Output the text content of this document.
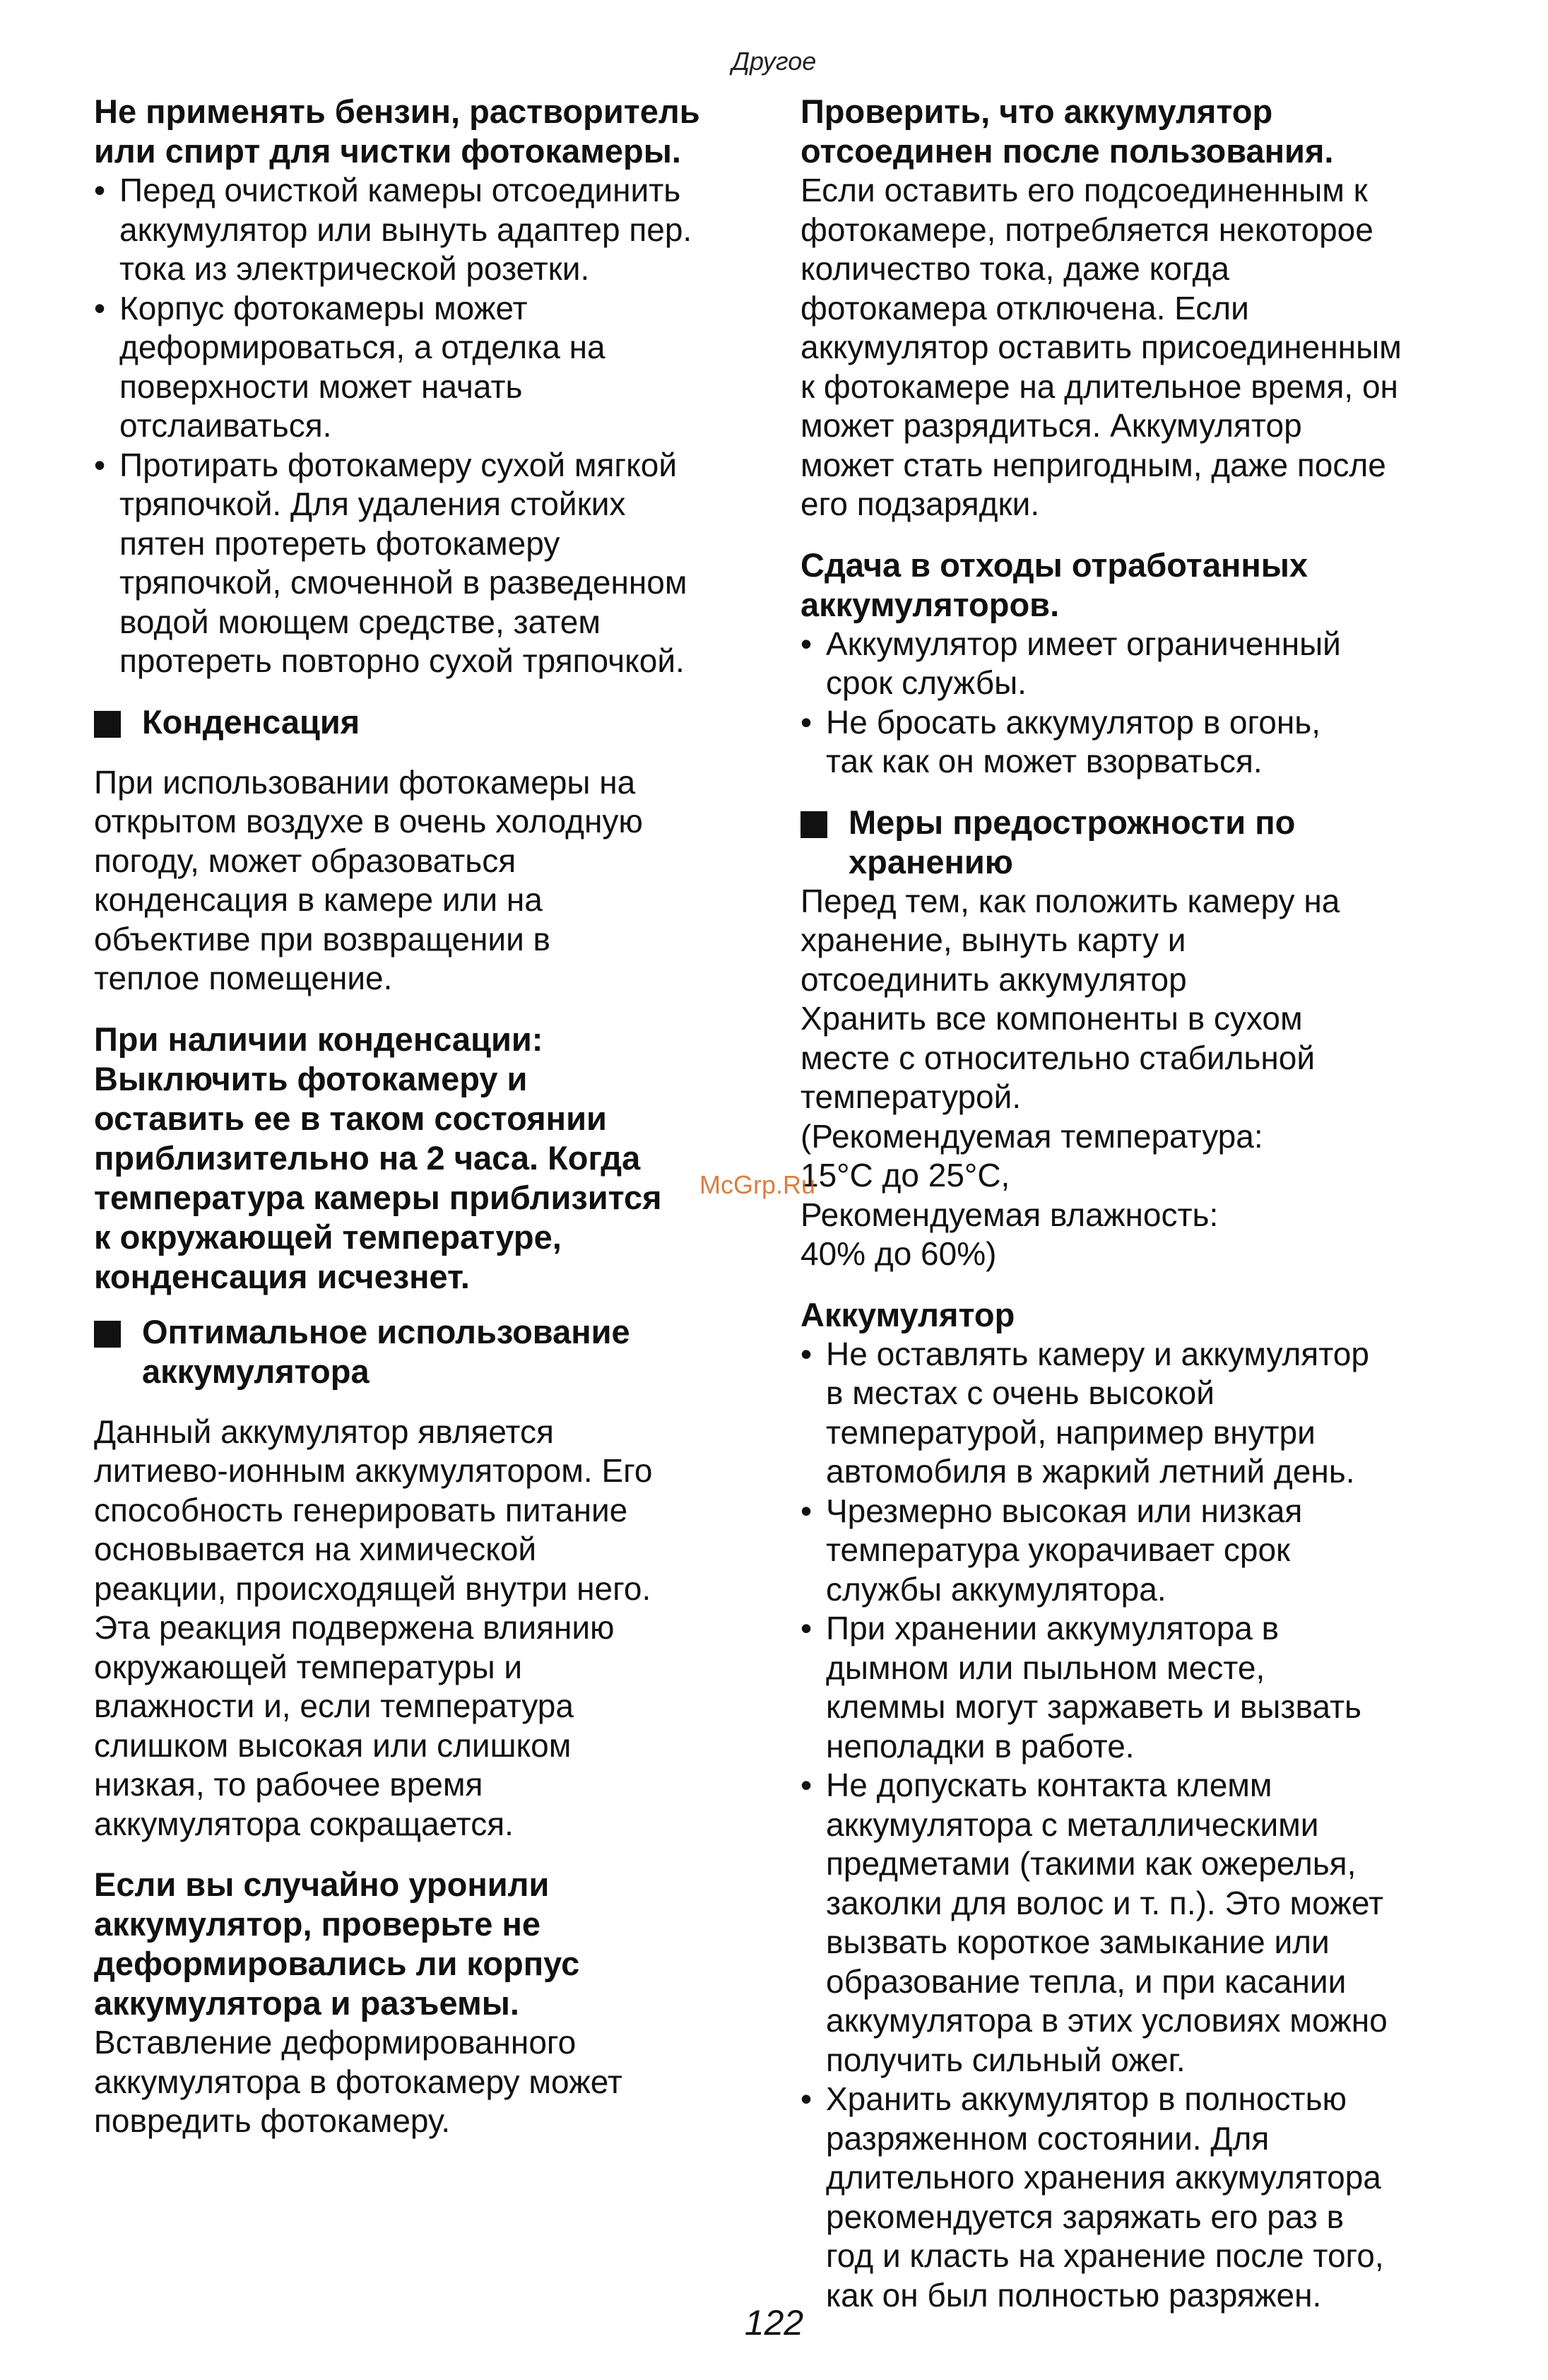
Другое
Не применять бензин, растворитель
или спирт для чистки фотокамеры.
• Перед очисткой камеры отсоединить
аккумулятор или вынуть адаптер пер.
тока из электрической розетки.
• Корпус фотокамеры может
деформироваться, а отделка на
поверхности может начать
отслаиваться.
• Протирать фотокамеру сухой мягкой
тряпочкой. Для удаления стойких
пятен протереть фотокамеру
тряпочкой, смоченной в разведенном
водой моющем средстве, затем
протереть повторно сухой тряпочкой.
Конденсация
При использовании фотокамеры на
открытом воздухе в очень холодную
погоду, может образоваться
конденсация в камере или на
объективе при возвращении в
теплое помещение.
При наличии конденсации:
Выключить фотокамеру и
оставить ее в таком состоянии
приблизительно на 2 часа. Когда
температура камеры приблизится
к окружающей температуре,
конденсация исчезнет.
Оптимальное использование
аккумулятора
Данный аккумулятор является
литиево-ионным аккумулятором. Его
способность генерировать питание
основывается на химической
реакции, происходящей внутри него.
Эта реакция подвержена влиянию
окружающей температуры и
влажности и, если температура
слишком высокая или слишком
низкая, то рабочее время
аккумулятора сокращается.
Если вы случайно уронили
аккумулятор, проверьте не
деформировались ли корпус
аккумулятора и разъемы.
Вставление деформированного
аккумулятора в фотокамеру может
повредить фотокамеру.
Проверить, что аккумулятор
отсоединен после пользования.
Если оставить его подсоединенным к
фотокамере, потребляется некоторое
количество тока, даже когда
фотокамера отключена. Если
аккумулятор оставить присоединенным
к фотокамере на длительное время, он
может разрядиться. Аккумулятор
может стать непригодным, даже после
его подзарядки.
Сдача в отходы отработанных
аккумуляторов.
• Аккумулятор имеет ограниченный
срок службы.
• Не бросать аккумулятор в огонь,
так как он может взорваться.
Меры предострожности по
хранению
Перед тем, как положить камеру на
хранение, вынуть карту и
отсоединить аккумулятор
Хранить все компоненты в сухом
месте с относительно стабильной
температурой.
(Рекомендуемая температура:
15°C до 25°C,
Рекомендуемая влажность:
40% до 60%)
Аккумулятор
• Не оставлять камеру и аккумулятор
в местах с очень высокой
температурой, например внутри
автомобиля в жаркий летний день.
• Чрезмерно высокая или низкая
температура укорачивает срок
службы аккумулятора.
• При хранении аккумулятора в
дымном или пыльном месте,
клеммы могут заржаветь и вызвать
неполадки в работе.
• Не допускать контакта клемм
аккумулятора с металлическими
предметами (такими как ожерелья,
заколки для волос и т. п.). Это может
вызвать короткое замыкание или
образование тепла, и при касании
аккумулятора в этих условиях можно
получить сильный ожег.
• Хранить аккумулятор в полностью
разряженном состоянии. Для
длительного хранения аккумулятора
рекомендуется заряжать его раз в
год и класть на хранение после того,
как он был полностью разряжен.
McGrp.Ru
122
